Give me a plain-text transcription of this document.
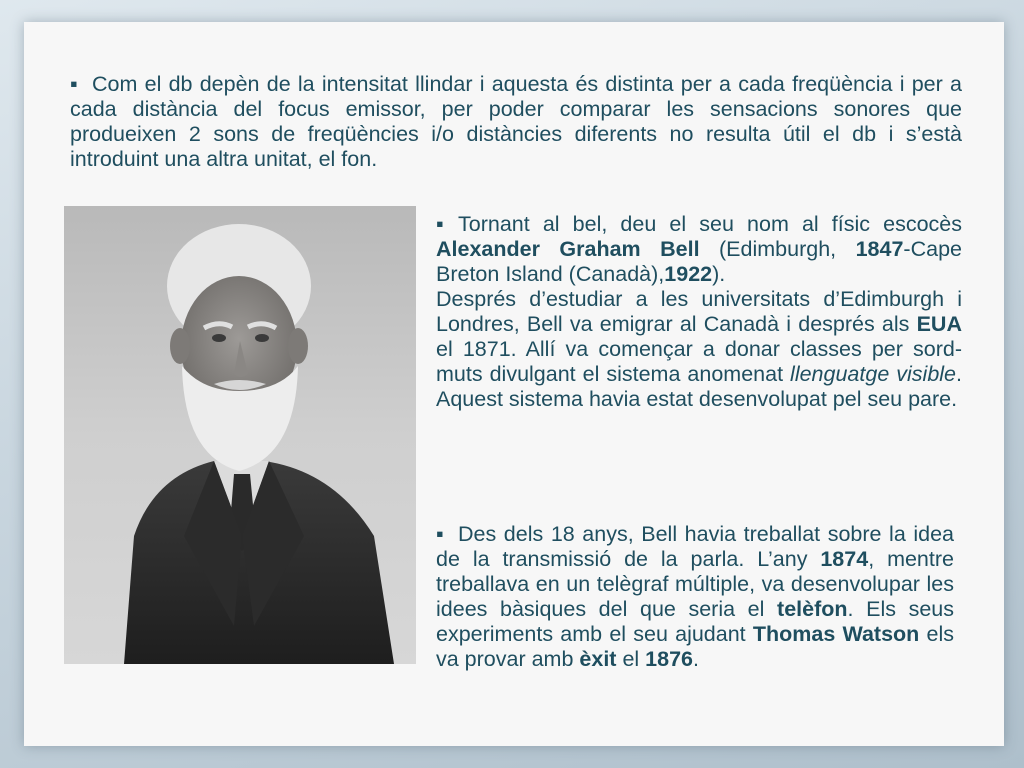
▪ Com el db depèn de la intensitat llindar i aquesta és distinta per a cada freqüència i per a cada distància del focus emissor, per poder comparar les sensacions sonores que produeixen 2 sons de freqüències i/o distàncies diferents no resulta útil el db i s’està introduint una altra unitat, el fon.
▪ Tornant al bel, deu el seu nom al físic escocès Alexander Graham Bell (Edimburgh, 1847-Cape Breton Island (Canadà),1922).
Després d’estudiar a les universitats d’Edimburgh i Londres, Bell va emigrar al Canadà i després als EUA el 1871. Allí va començar a donar classes per sord-muts divulgant el sistema anomenat llenguatge visible. Aquest sistema havia estat desenvolupat pel seu pare.
▪ Des dels 18 anys, Bell havia treballat sobre la idea de la transmissió de la parla. L’any 1874, mentre treballava en un telègraf múltiple, va desenvolupar les idees bàsiques del que seria el telèfon. Els seus experiments amb el seu ajudant Thomas Watson els va provar amb èxit el 1876.
